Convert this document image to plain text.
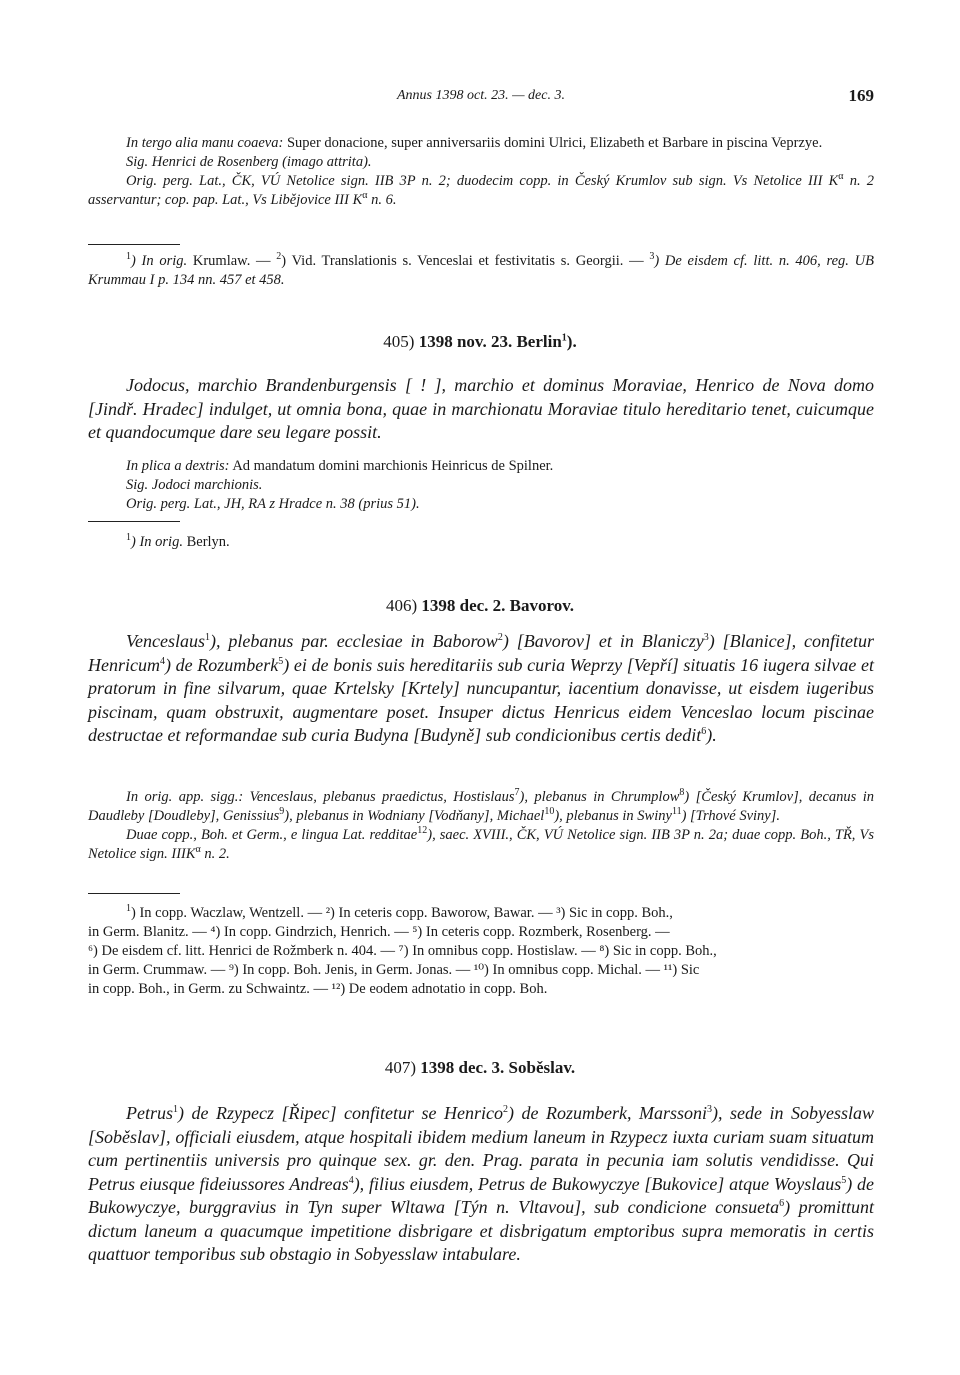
Annus 1398 oct. 23. — dec. 3.	169

In tergo alia manu coaeva: Super donacione, super anniversariis domini Ulrici, Elizabeth et Barbare in piscina Veprzye.

Sig. Henrici de Rosenberg (imago attrita).

Orig. perg. Lat., ČK, VÚ Netolice sign. IIB 3P n. 2; duodecim copp. in Český Krumlov sub sign. Vs Netolice III $K^\alpha$ n. 2 asservantur; cop. pap. Lat., Vs Libějovice III $K^\alpha$ n. 6.

$^1$) In orig. Krumlaw. — $^2$) Vid. Translationis s. Venceslai et festivitatis s. Georgii. — $^3$) De eisdem cf. litt. n. 406, reg. UB Krummau I p. 134 nn. 457 et 458.

405) 1398 nov. 23. Berlin$^1$).

Jodocus, marchio Brandenburgensis [ ! ], marchio et dominus Moraviae, Henrico de Nova domo [Jindř. Hradec] indulget, ut omnia bona, quae in marchionatu Moraviae titulo hereditario tenet, cuicumque et quandocumque dare seu legare possit.

In plica a dextris: Ad mandatum domini marchionis Heinricus de Spilner.

Sig. Jodoci marchionis.

Orig. perg. Lat., JH, RA z Hradce n. 38 (prius 51).

$^1$) In orig. Berlyn.

406) 1398 dec. 2. Bavorov.

Venceslaus$^1$), plebanus par. ecclesiae in Baborow$^2$) [Bavorov] et in Blaniczy$^3$) [Blanice], confitetur Henricum$^4$) de Rozumberk$^5$) ei de bonis suis hereditariis sub curia Weprzy [Vepří] situatis 16 iugera silvae et pratorum in fine silvarum, quae Krtelsky [Krtely] nuncupantur, iacentium donavisse, ut eisdem iugeribus piscinam, quam obstruxit, augmentare poset. Insuper dictus Henricus eidem Venceslao locum piscinae destructae et reformandae sub curia Budyna [Budyně] sub condicionibus certis dedit$^6$).

In orig. app. sigg.: Venceslaus, plebanus praedictus, Hostislaus$^7$), plebanus in Chrumplow$^8$) [Český Krumlov], decanus in Daudleby [Doudleby], Genissius$^9$), plebanus in Wodniany [Vodňany], Michael$^{10}$), plebanus in Swiny$^{11}$) [Trhové Sviny].

Duae copp., Boh. et Germ., e lingua Lat. redditae$^{12}$), saec. XVIII., ČK, VÚ Netolice sign. IIB 3P n. 2a; duae copp. Boh., TŘ, Vs Netolice sign. $IIIK^\alpha$ n. 2.

$^1$) In copp. Waczlaw, Wentzell. — ²) In ceteris copp. Baworow, Bawar. — ³) Sic in copp. Boh.,

in Germ. Blanitz. — ⁴) In copp. Gindrzich, Henrich. — ⁵) In ceteris copp. Rozmberk, Rosenberg. —

⁶) De eisdem cf. litt. Henrici de Rožmberk n. 404. — ⁷) In omnibus copp. Hostislaw. — ⁸) Sic in copp. Boh.,

in Germ. Crummaw. — ⁹) In copp. Boh. Jenis, in Germ. Jonas. — ¹⁰) In omnibus copp. Michal. — ¹¹) Sic

in copp. Boh., in Germ. zu Schwaintz. — ¹²) De eodem adnotatio in copp. Boh.

407) 1398 dec. 3. Soběslav.

Petrus$^1$) de Rzypecz [Řipec] confitetur se Henrico$^2$) de Rozumberk, Marssoni$^3$), sede in Sobyesslaw [Soběslav], officiali eiusdem, atque hospitali ibidem medium laneum in Rzypecz iuxta curiam suam situatum cum pertinentiis universis pro quinque sex. gr. den. Prag. parata in pecunia iam solutis vendidisse. Qui Petrus eiusque fideiussores Andreas$^4$), filius eiusdem, Petrus de Bukowyczye [Bukovice] atque Woyslaus$^5$) de Bukowyczye, burggravius in Tyn super Wltawa [Týn n. Vltavou], sub condicione consueta$^6$) promittunt dictum laneum a quacumque impetitione disbrigare et disbrigatum emptoribus supra memoratis in certis quattuor temporibus sub obstagio in Sobyesslaw intabulare.
